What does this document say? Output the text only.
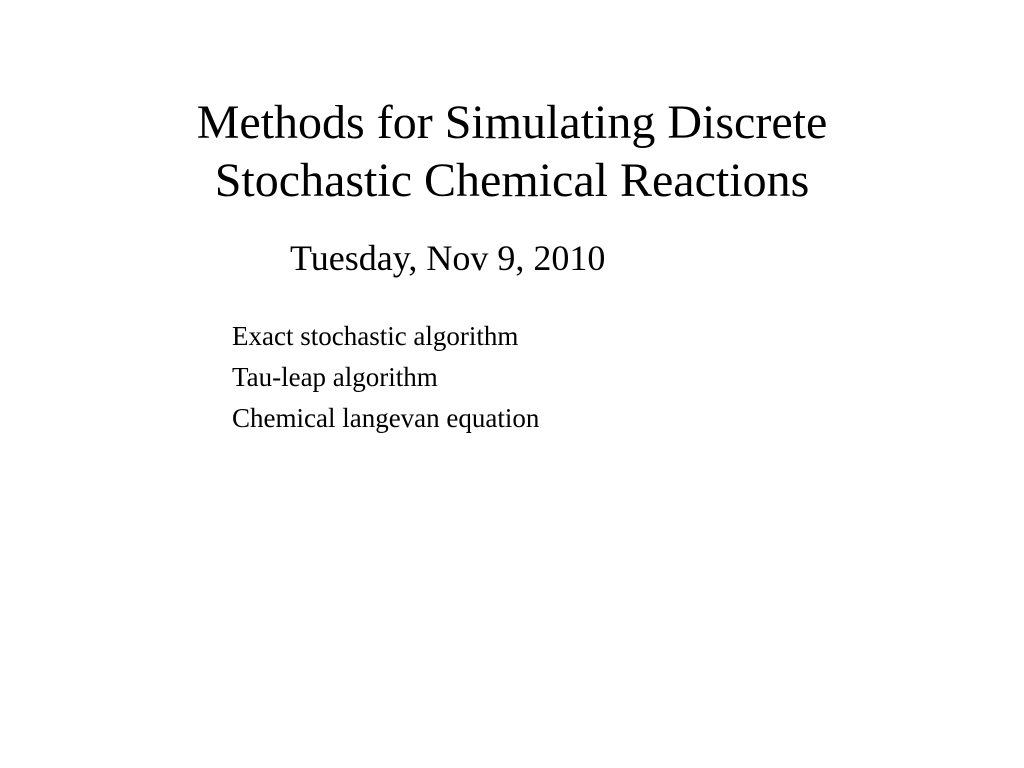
Methods for Simulating Discrete
Stochastic Chemical Reactions
Tuesday, Nov 9, 2010
Exact stochastic algorithm
Tau-leap algorithm
Chemical langevan equation
